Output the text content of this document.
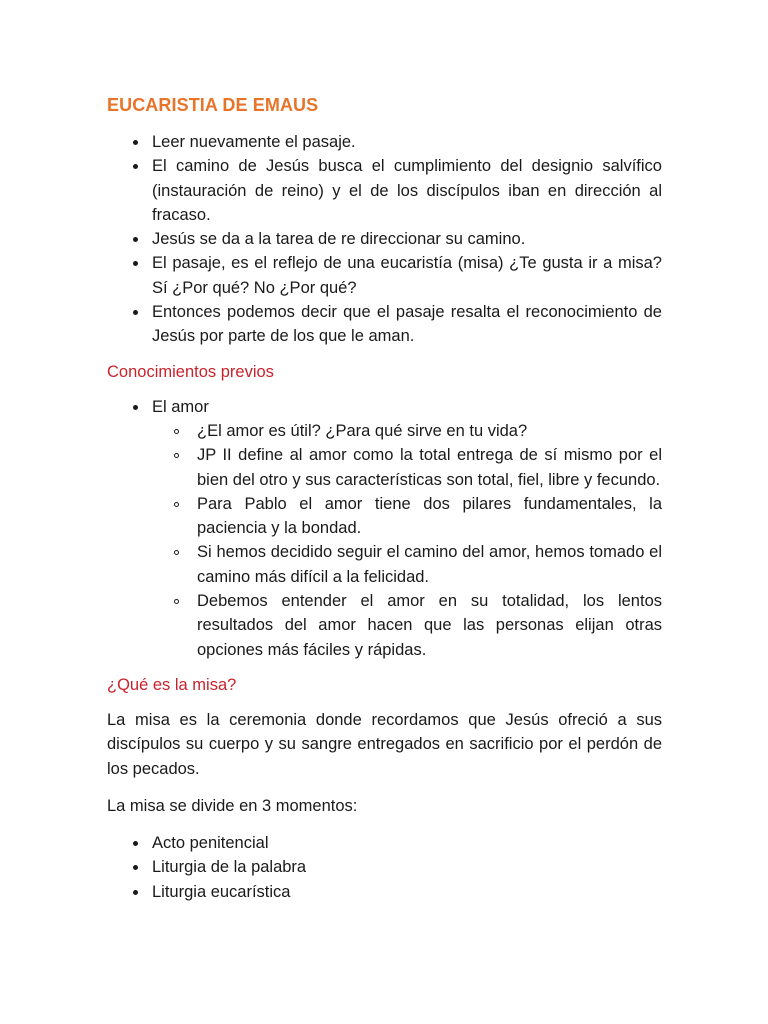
EUCARISTIA DE EMAUS
Leer nuevamente el pasaje.
El camino de Jesús busca el cumplimiento del designio salvífico (instauración de reino) y el de los discípulos iban en dirección al fracaso.
Jesús se da a la tarea de re direccionar su camino.
El pasaje, es el reflejo de una eucaristía (misa) ¿Te gusta ir a misa? Sí ¿Por qué? No ¿Por qué?
Entonces podemos decir que el pasaje resalta el reconocimiento de Jesús por parte de los que le aman.

Conocimientos previos

El amor
¿El amor es útil? ¿Para qué sirve en tu vida?
JP II define al amor como la total entrega de sí mismo por el bien del otro y sus características son total, fiel, libre y fecundo.
Para Pablo el amor tiene dos pilares fundamentales, la paciencia y la bondad.
Si hemos decidido seguir el camino del amor, hemos tomado el camino más difícil a la felicidad.
Debemos entender el amor en su totalidad, los lentos resultados del amor hacen que las personas elijan otras opciones más fáciles y rápidas.

¿Qué es la misa?

La misa es la ceremonia donde recordamos que Jesús ofreció a sus discípulos su cuerpo y su sangre entregados en sacrificio por el perdón de los pecados.

La misa se divide en 3 momentos:

Acto penitencial
Liturgia de la palabra
Liturgia eucarística
